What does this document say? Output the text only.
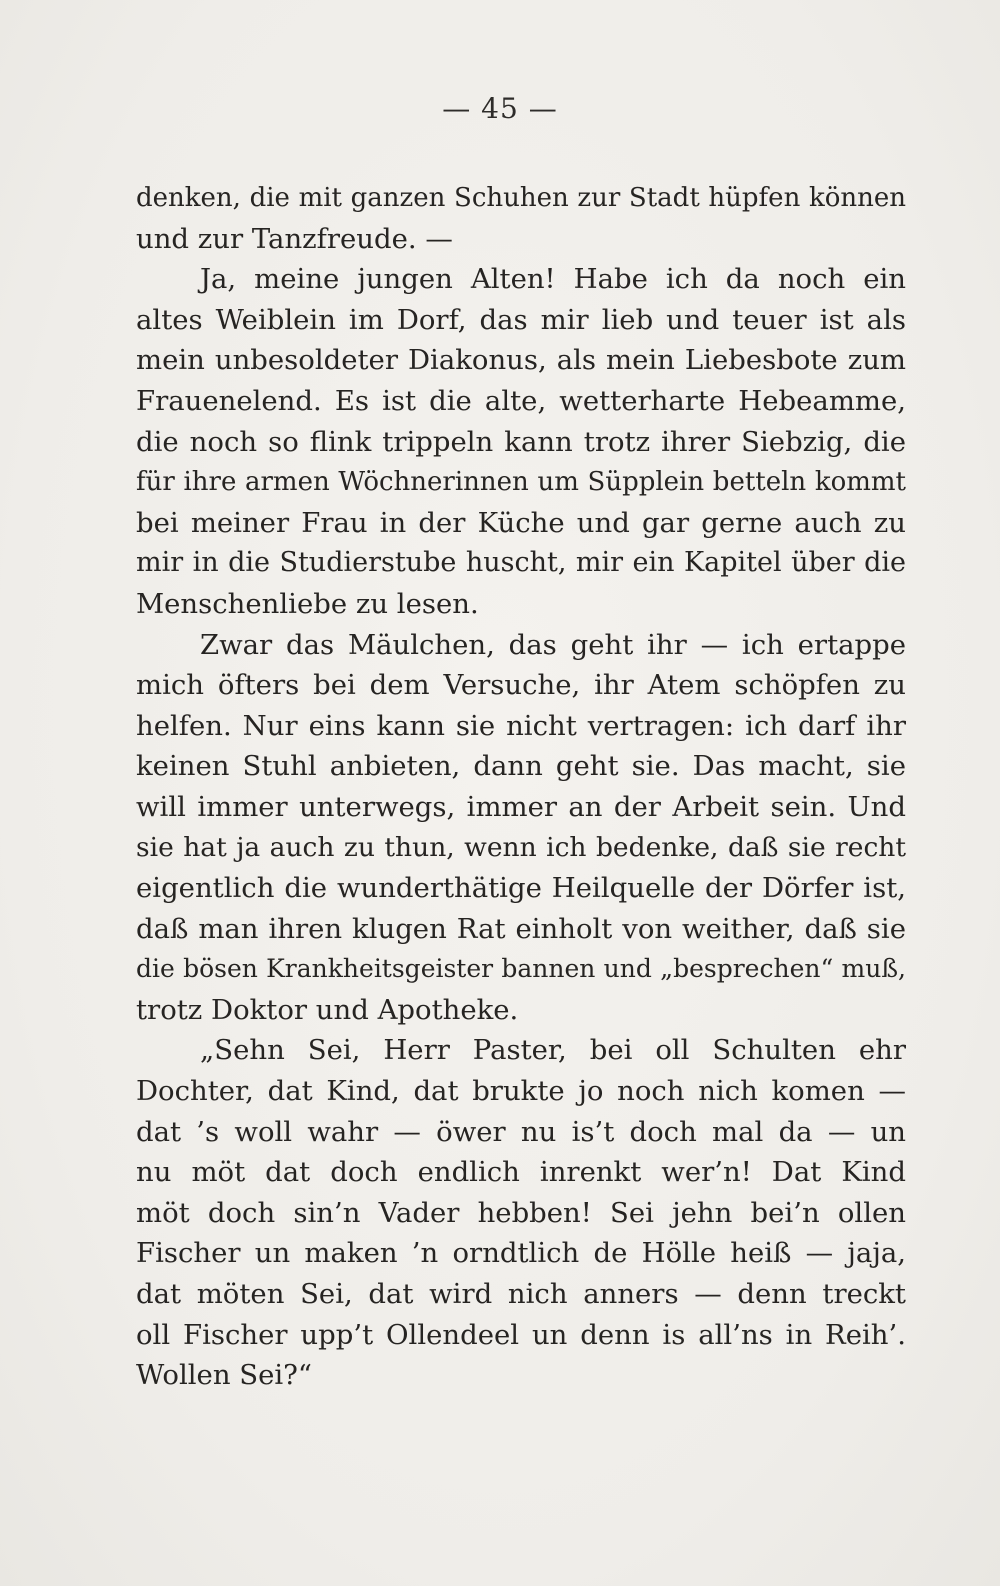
— 45 —
denken, die mit ganzen Schuhen zur Stadt hüpfen können
und zur Tanzfreude. —
Ja, meine jungen Alten! Habe ich da noch ein
altes Weiblein im Dorf, das mir lieb und teuer ist als
mein unbesoldeter Diakonus, als mein Liebesbote zum
Frauenelend. Es ist die alte, wetterharte Hebeamme,
die noch so flink trippeln kann trotz ihrer Siebzig, die
für ihre armen Wöchnerinnen um Süpplein betteln kommt
bei meiner Frau in der Küche und gar gerne auch zu
mir in die Studierstube huscht, mir ein Kapitel über die
Menschenliebe zu lesen.
Zwar das Mäulchen, das geht ihr — ich ertappe
mich öfters bei dem Versuche, ihr Atem schöpfen zu
helfen. Nur eins kann sie nicht vertragen: ich darf ihr
keinen Stuhl anbieten, dann geht sie. Das macht, sie
will immer unterwegs, immer an der Arbeit sein. Und
sie hat ja auch zu thun, wenn ich bedenke, daß sie recht
eigentlich die wunderthätige Heilquelle der Dörfer ist,
daß man ihren klugen Rat einholt von weither, daß sie
die bösen Krankheitsgeister bannen und „besprechen“ muß,
trotz Doktor und Apotheke.
„Sehn Sei, Herr Paster, bei oll Schulten ehr
Dochter, dat Kind, dat brukte jo noch nich komen —
dat ’s woll wahr — öwer nu is’t doch mal da — un
nu möt dat doch endlich inrenkt wer’n! Dat Kind
möt doch sin’n Vader hebben! Sei jehn bei’n ollen
Fischer un maken ’n orndtlich de Hölle heiß — jaja,
dat möten Sei, dat wird nich anners — denn treckt
oll Fischer upp’t Ollendeel un denn is all’ns in Reih’.
Wollen Sei?“
